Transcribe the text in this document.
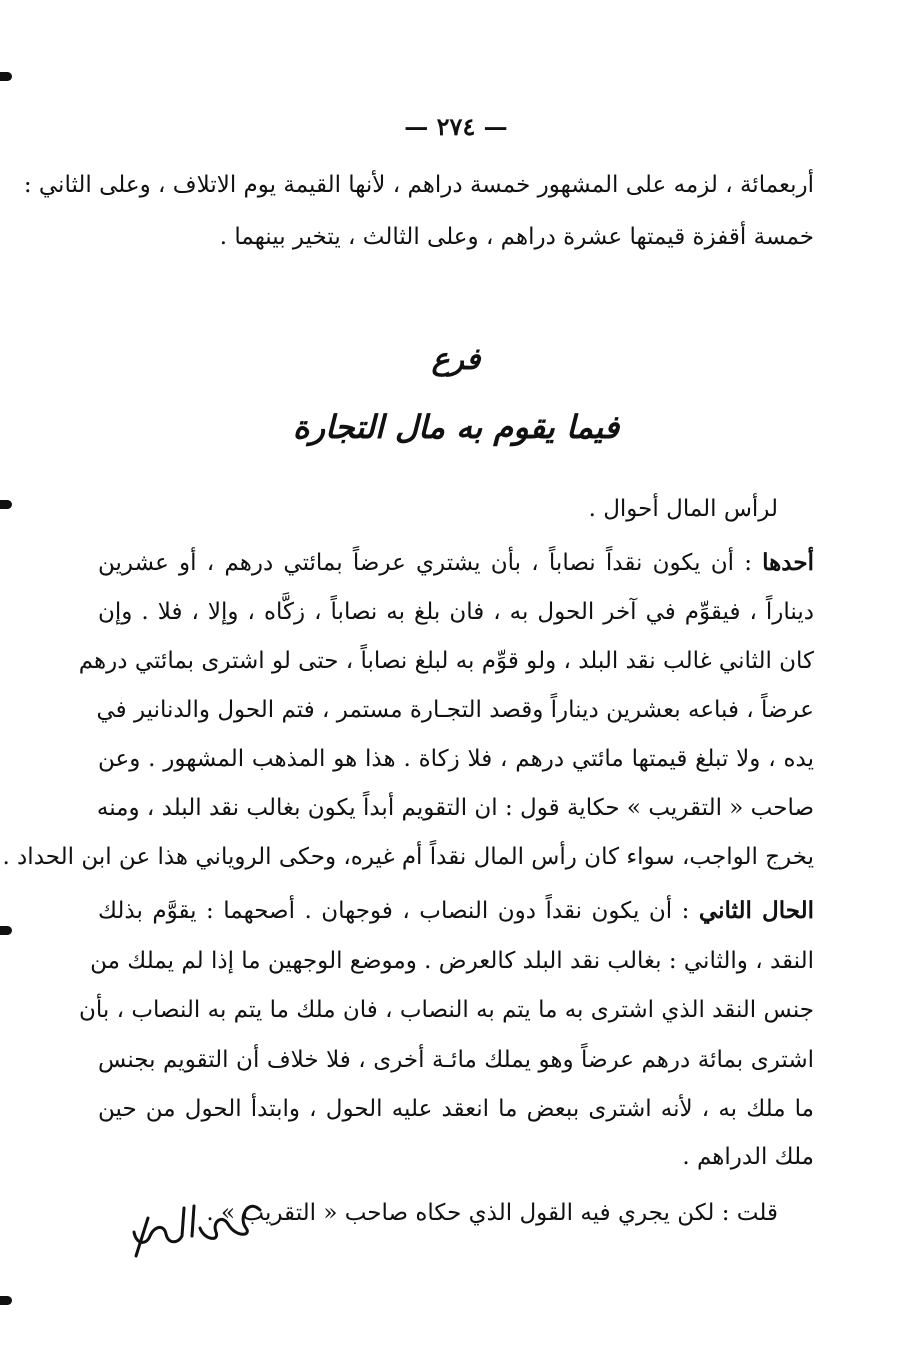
— ٢٧٤ —
أربعمائة ، لزمه على المشهور خمسة دراهم ، لأنها القيمة يوم الاتلاف ، وعلى الثاني :
خمسة أقفزة قيمتها عشرة دراهم ، وعلى الثالث ، يتخير بينهما .
فرع
فيما يقوم به مال التجارة
لرأس المال أحوال .
أحدها : أن يكون نقداً نصاباً ، بأن يشتري عرضاً بمائتي درهم ، أو عشرين
ديناراً ، فيقوِّم في آخر الحول به ، فان بلغ به نصاباً ، زكَّاه ، وإلا ، فلا . وإن
كان الثاني غالب نقد البلد ، ولو قوِّم به لبلغ نصاباً ، حتى لو اشترى بمائتي درهم
عرضاً ، فباعه بعشرين ديناراً وقصد التجـارة مستمر ، فتم الحول والدنانير في
يده ، ولا تبلغ قيمتها مائتي درهم ، فلا زكاة . هذا هو المذهب المشهور . وعن
صاحب « التقريب » حكاية قول : ان التقويم أبداً يكون بغالب نقد البلد ، ومنه
يخرج الواجب، سواء كان رأس المال نقداً أم غيره، وحكى الروياني هذا عن ابن الحداد .
الحال الثاني : أن يكون نقداً دون النصاب ، فوجهان . أصحهما : يقوَّم بذلك
النقد ، والثاني : بغالب نقد البلد كالعرض . وموضع الوجهين ما إذا لم يملك من
جنس النقد الذي اشترى به ما يتم به النصاب ، فان ملك ما يتم به النصاب ، بأن
اشترى بمائة درهم عرضاً وهو يملك مائـة أخرى ، فلا خلاف أن التقويم بجنس
ما ملك به ، لأنه اشترى ببعض ما انعقد عليه الحول ، وابتدأ الحول من حين
ملك الدراهم .
قلت : لكن يجري فيه القول الذي حكاه صاحب « التقريب » .
